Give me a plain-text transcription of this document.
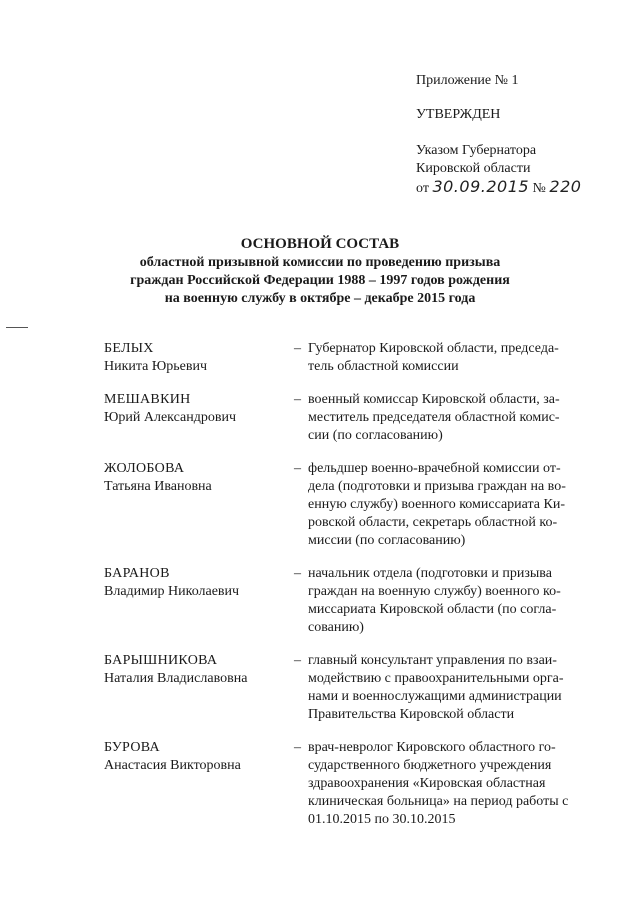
Приложение № 1
УТВЕРЖДЕН
Указом Губернатора
Кировской области
от 30.09.2015 № 220
ОСНОВНОЙ СОСТАВ
областной призывной комиссии по проведению призыва
граждан Российской Федерации 1988 – 1997 годов рождения
на военную службу в октябре – декабре 2015 года
БЕЛЫХ
Никита Юрьевич
– Губернатор Кировской области, председа-
тель областной комиссии
МЕШАВКИН
Юрий Александрович
– военный комиссар Кировской области, за-
меститель председателя областной комис-
сии (по согласованию)
ЖОЛОБОВА
Татьяна Ивановна
– фельдшер военно-врачебной комиссии от-
дела (подготовки и призыва граждан на во-
енную службу) военного комиссариата Ки-
ровской области, секретарь областной ко-
миссии (по согласованию)
БАРАНОВ
Владимир Николаевич
– начальник отдела (подготовки и призыва
граждан на военную службу) военного ко-
миссариата Кировской области (по согла-
сованию)
БАРЫШНИКОВА
Наталия Владиславовна
– главный консультант управления по взаи-
модействию с правоохранительными орга-
нами и военнослужащими администрации
Правительства Кировской области
БУРОВА
Анастасия Викторовна
– врач-невролог Кировского областного го-
сударственного бюджетного учреждения
здравоохранения «Кировская областная
клиническая больница» на период работы с
01.10.2015 по 30.10.2015
